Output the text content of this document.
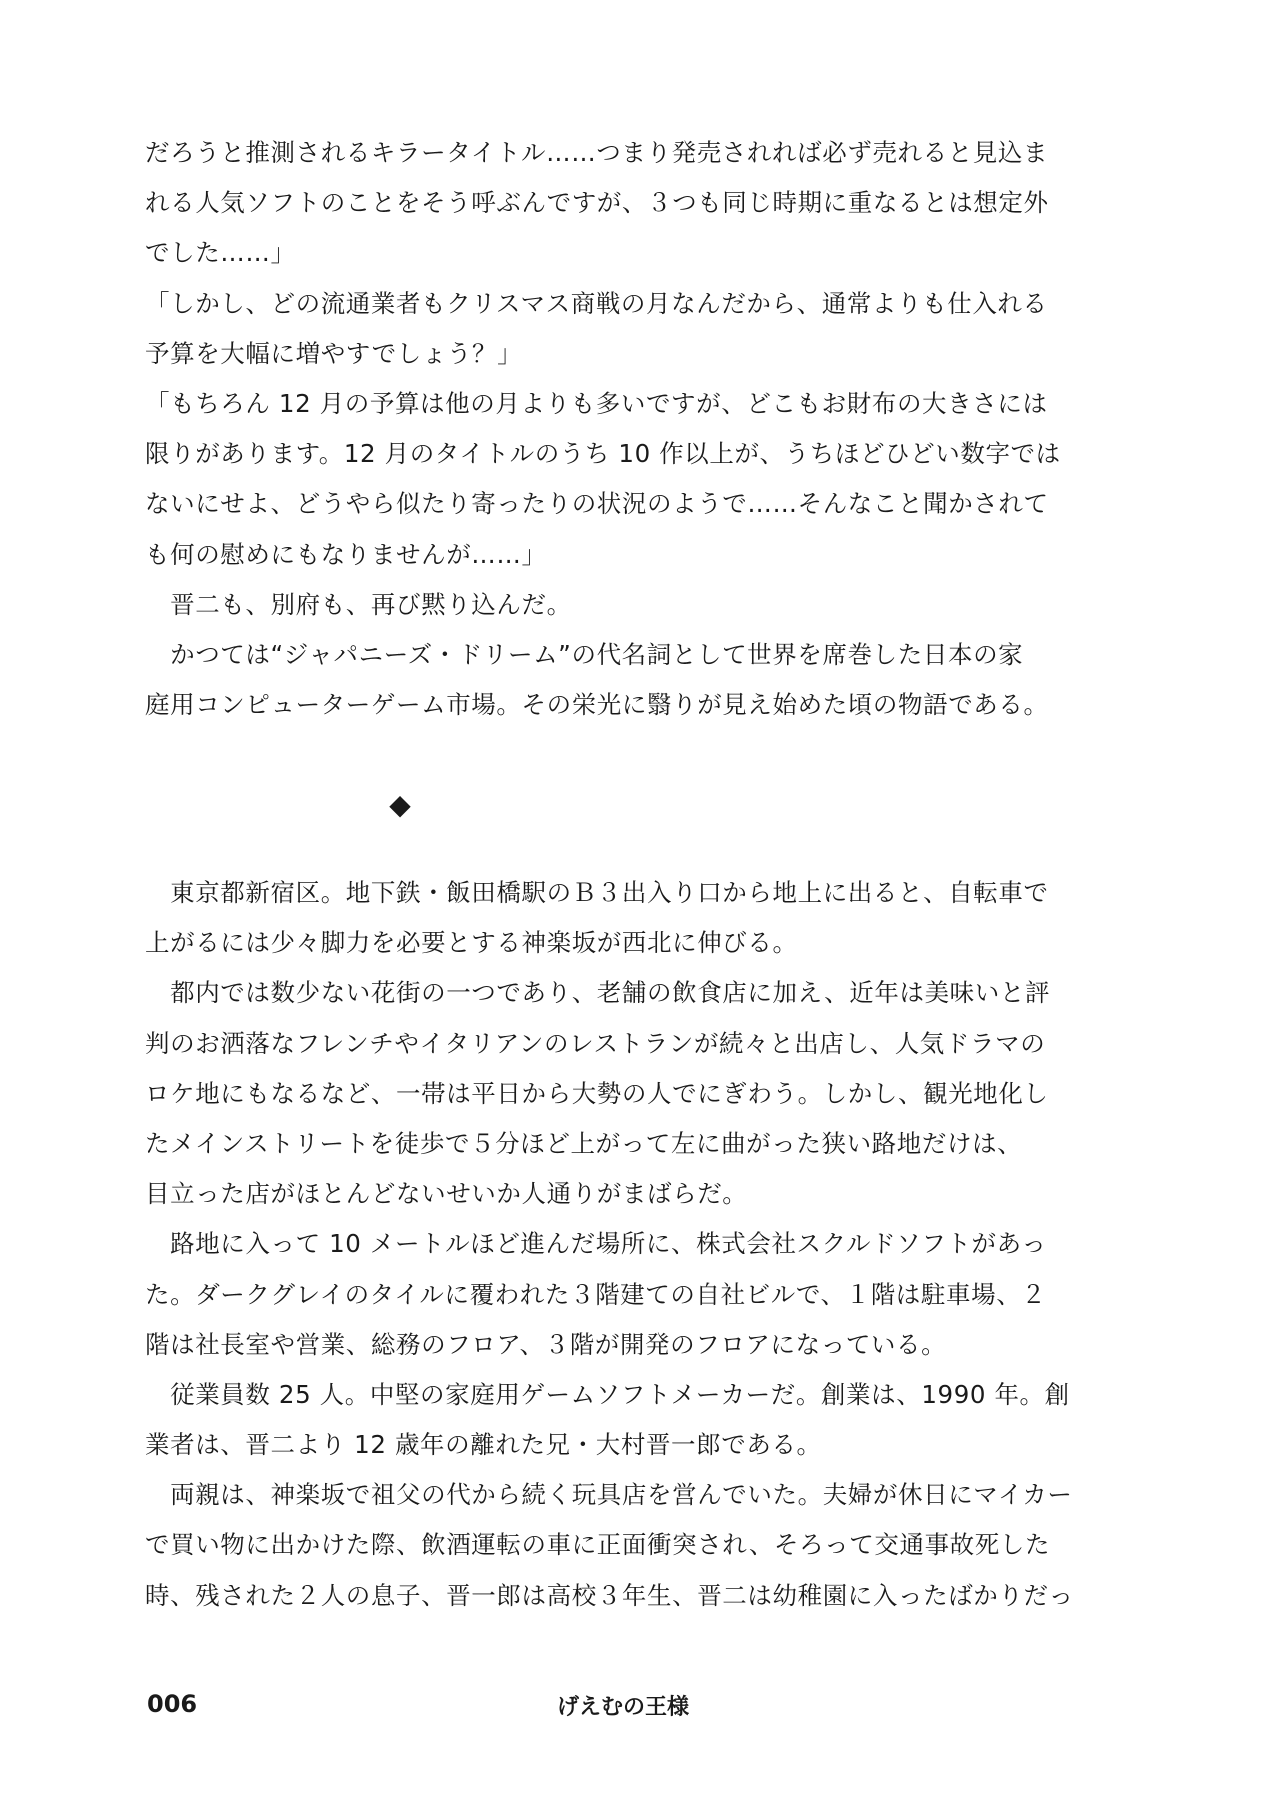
だろうと推測されるキラータイトル……つまり発売されれば必ず売れると見込ま
れる人気ソフトのことをそう呼ぶんですが、３つも同じ時期に重なるとは想定外
でした……」
「しかし、どの流通業者もクリスマス商戦の月なんだから、通常よりも仕入れる
予算を大幅に増やすでしょう？」
「もちろん 12 月の予算は他の月よりも多いですが、どこもお財布の大きさには
限りがあります。12 月のタイトルのうち 10 作以上が、うちほどひどい数字では
ないにせよ、どうやら似たり寄ったりの状況のようで……そんなこと聞かされて
も何の慰めにもなりませんが……」
　晋二も、別府も、再び黙り込んだ。
　かつては“ジャパニーズ・ドリーム”の代名詞として世界を席巻した日本の家
庭用コンピューターゲーム市場。その栄光に翳りが見え始めた頃の物語である。
◆
　東京都新宿区。地下鉄・飯田橋駅のＢ３出入り口から地上に出ると、自転車で
上がるには少々脚力を必要とする神楽坂が西北に伸びる。
　都内では数少ない花街の一つであり、老舗の飲食店に加え、近年は美味いと評
判のお洒落なフレンチやイタリアンのレストランが続々と出店し、人気ドラマの
ロケ地にもなるなど、一帯は平日から大勢の人でにぎわう。しかし、観光地化し
たメインストリートを徒歩で５分ほど上がって左に曲がった狭い路地だけは、
目立った店がほとんどないせいか人通りがまばらだ。
　路地に入って 10 メートルほど進んだ場所に、株式会社スクルドソフトがあっ
た。ダークグレイのタイルに覆われた３階建ての自社ビルで、１階は駐車場、２
階は社長室や営業、総務のフロア、３階が開発のフロアになっている。
　従業員数 25 人。中堅の家庭用ゲームソフトメーカーだ。創業は、1990 年。創
業者は、晋二より 12 歳年の離れた兄・大村晋一郎である。
　両親は、神楽坂で祖父の代から続く玩具店を営んでいた。夫婦が休日にマイカー
で買い物に出かけた際、飲酒運転の車に正面衝突され、そろって交通事故死した
時、残された２人の息子、晋一郎は高校３年生、晋二は幼稚園に入ったばかりだっ
006	げえむの王様
